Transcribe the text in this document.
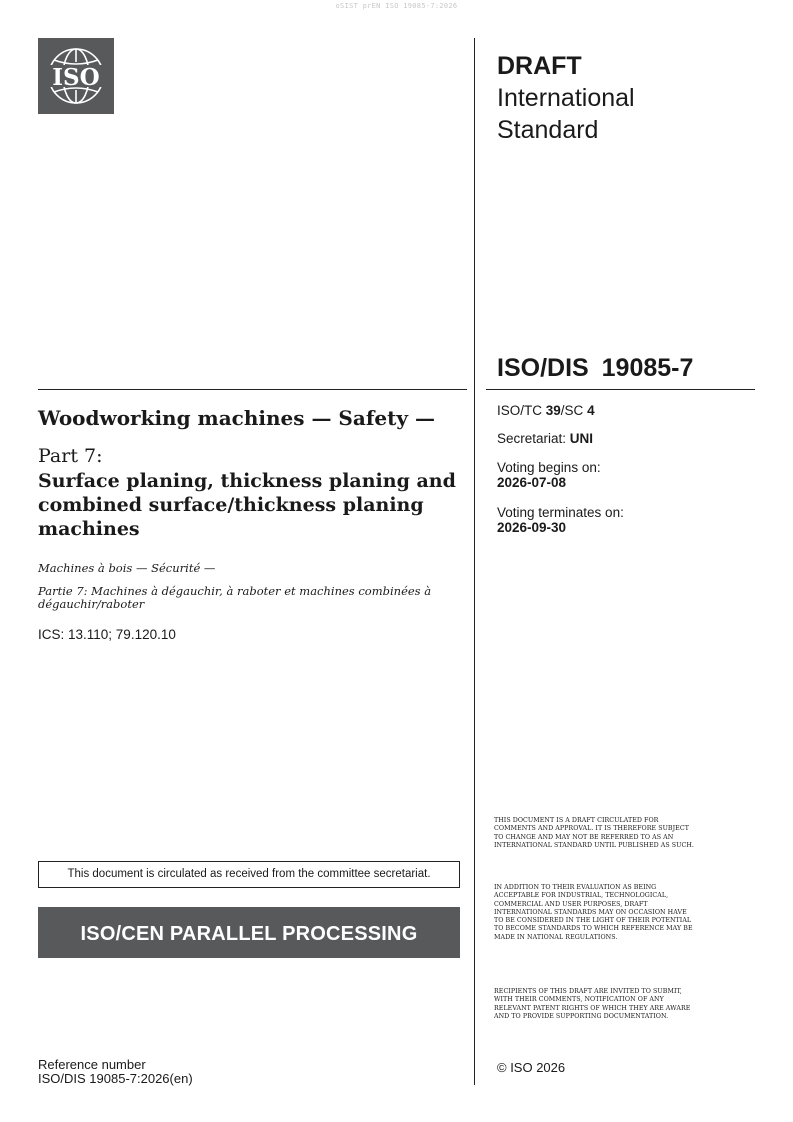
oSIST prEN ISO 19085-7:2026
ISO	DRAFT
International
Standard
ISO/DIS 19085-7
ISO/TC 39/SC 4
Secretariat: UNI
Voting begins on:
2026-07-08
Voting terminates on:
2026-09-30
Woodworking machines — Safety —
Part 7:
Surface planing, thickness planing and combined surface/thickness planing machines
Machines à bois — Sécurité —
Partie 7: Machines à dégauchir, à raboter et machines combinées à dégauchir/raboter
ICS: 13.110; 79.120.10
This document is circulated as received from the committee secretariat.
ISO/CEN PARALLEL PROCESSING
THIS DOCUMENT IS A DRAFT CIRCULATED FOR COMMENTS AND APPROVAL. IT IS THEREFORE SUBJECT TO CHANGE AND MAY NOT BE REFERRED TO AS AN INTERNATIONAL STANDARD UNTIL PUBLISHED AS SUCH.
IN ADDITION TO THEIR EVALUATION AS BEING ACCEPTABLE FOR INDUSTRIAL, TECHNOLOGICAL, COMMERCIAL AND USER PURPOSES, DRAFT INTERNATIONAL STANDARDS MAY ON OCCASION HAVE TO BE CONSIDERED IN THE LIGHT OF THEIR POTENTIAL TO BECOME STANDARDS TO WHICH REFERENCE MAY BE MADE IN NATIONAL REGULATIONS.
RECIPIENTS OF THIS DRAFT ARE INVITED TO SUBMIT, WITH THEIR COMMENTS, NOTIFICATION OF ANY RELEVANT PATENT RIGHTS OF WHICH THEY ARE AWARE AND TO PROVIDE SUPPORTING DOCUMENTATION.
© ISO 2026
Reference number
ISO/DIS 19085-7:2026(en)
